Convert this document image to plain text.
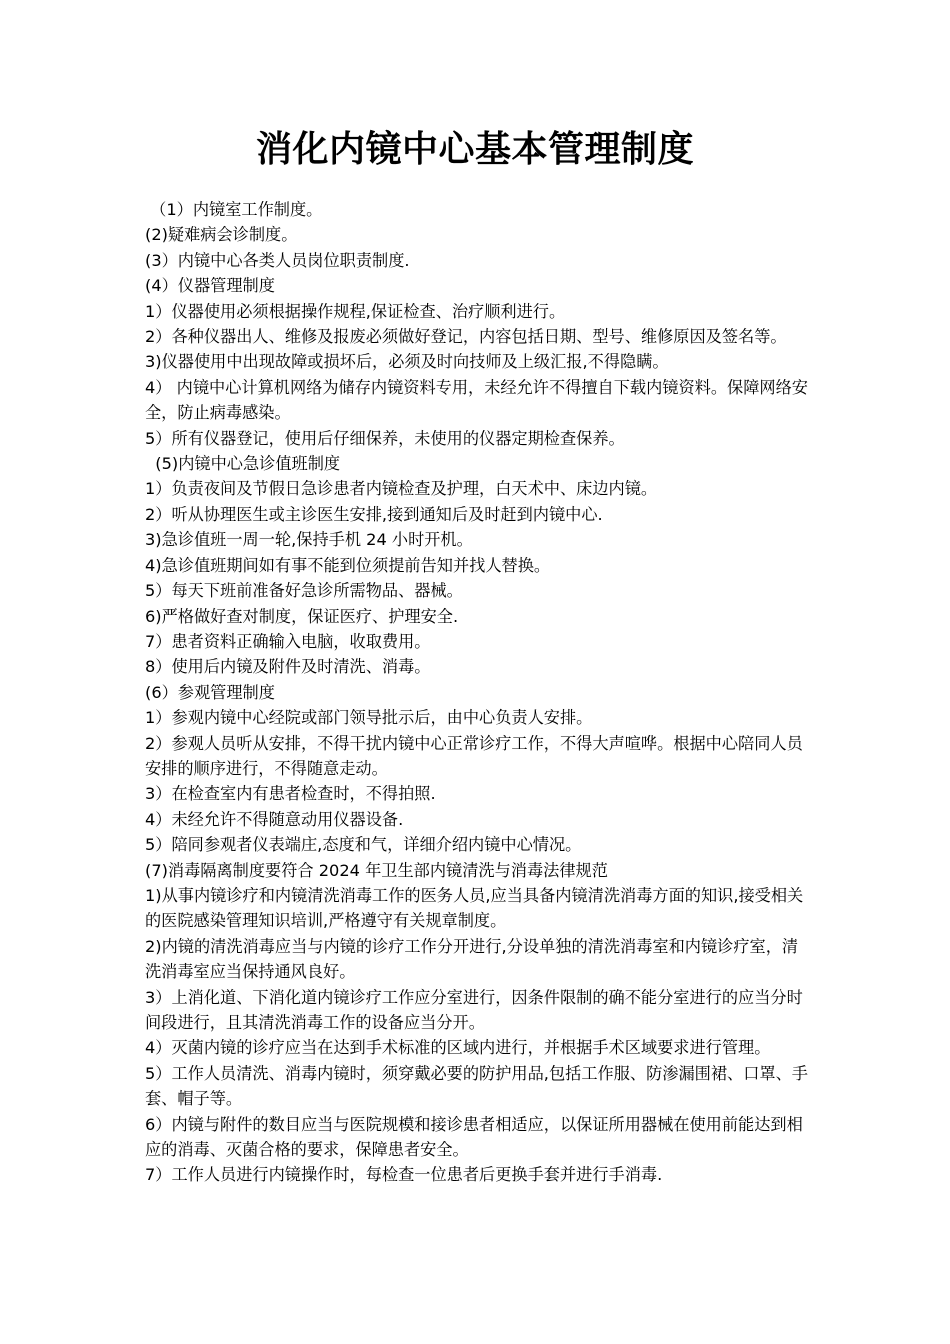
消化内镜中心基本管理制度

（1）内镜室工作制度。

(2)疑难病会诊制度。

(3）内镜中心各类人员岗位职责制度.

(4）仪器管理制度

1）仪器使用必须根据操作规程,保证检查、治疗顺利进行。

2）各种仪器出人、维修及报废必须做好登记，内容包括日期、型号、维修原因及签名等。

3)仪器使用中出现故障或损坏后，必须及时向技师及上级汇报,不得隐瞒。

4） 内镜中心计算机网络为储存内镜资料专用，未经允许不得擅自下载内镜资料。保障网络安全，防止病毒感染。

5）所有仪器登记，使用后仔细保养，未使用的仪器定期检查保养。

(5)内镜中心急诊值班制度

1）负责夜间及节假日急诊患者内镜检查及护理，白天术中、床边内镜。

2）听从协理医生或主诊医生安排,接到通知后及时赶到内镜中心.

3)急诊值班一周一轮,保持手机 24 小时开机。

4)急诊值班期间如有事不能到位须提前告知并找人替换。

5）每天下班前准备好急诊所需物品、器械。

6)严格做好查对制度，保证医疗、护理安全.

7）患者资料正确输入电脑，收取费用。

8）使用后内镜及附件及时清洗、消毒。

(6）参观管理制度

1）参观内镜中心经院或部门领导批示后，由中心负责人安排。

2）参观人员听从安排，不得干扰内镜中心正常诊疗工作，不得大声喧哗。根据中心陪同人员安排的顺序进行，不得随意走动。

3）在检查室内有患者检查时，不得拍照.

4）未经允许不得随意动用仪器设备.

5）陪同参观者仪表端庄,态度和气，详细介绍内镜中心情况。

(7)消毒隔离制度要符合 2024 年卫生部内镜清洗与消毒法律规范

1)从事内镜诊疗和内镜清洗消毒工作的医务人员,应当具备内镜清洗消毒方面的知识,接受相关的医院感染管理知识培训,严格遵守有关规章制度。

2)内镜的清洗消毒应当与内镜的诊疗工作分开进行,分设单独的清洗消毒室和内镜诊疗室，清洗消毒室应当保持通风良好。

3）上消化道、下消化道内镜诊疗工作应分室进行，因条件限制的确不能分室进行的应当分时间段进行，且其清洗消毒工作的设备应当分开。

4）灭菌内镜的诊疗应当在达到手术标准的区域内进行，并根据手术区域要求进行管理。

5）工作人员清洗、消毒内镜时，须穿戴必要的防护用品,包括工作服、防渗漏围裙、口罩、手套、帽子等。

6）内镜与附件的数目应当与医院规模和接诊患者相适应，以保证所用器械在使用前能达到相应的消毒、灭菌合格的要求，保障患者安全。

7）工作人员进行内镜操作时，每检查一位患者后更换手套并进行手消毒.
